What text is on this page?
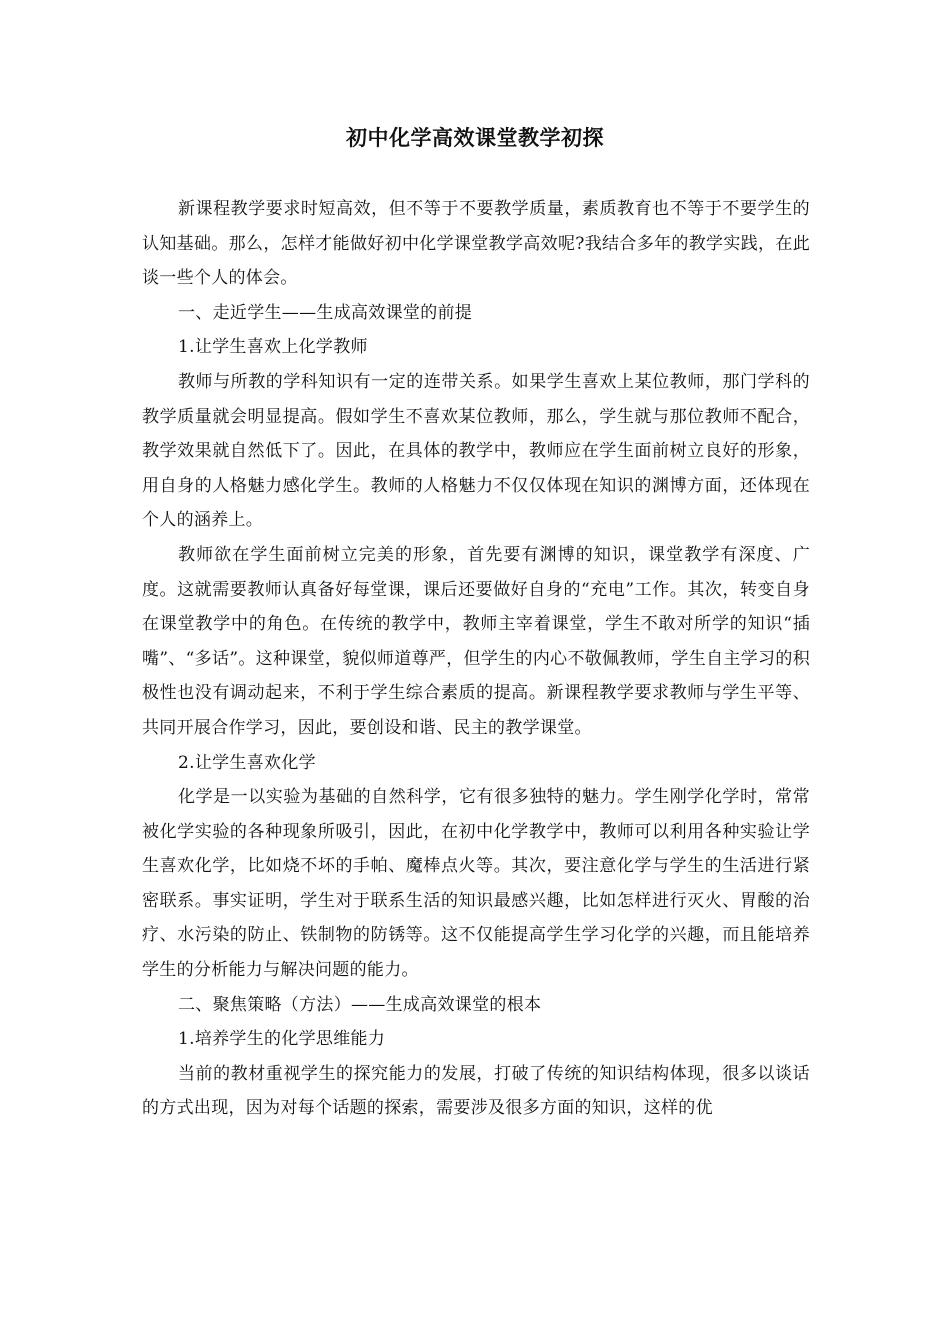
初中化学高效课堂教学初探

新课程教学要求时短高效，但不等于不要教学质量，素质教育也不等于不要学生的认知基础。那么，怎样才能做好初中化学课堂教学高效呢?我结合多年的教学实践，在此谈一些个人的体会。

一、走近学生——生成高效课堂的前提

1.让学生喜欢上化学教师

教师与所教的学科知识有一定的连带关系。如果学生喜欢上某位教师，那门学科的教学质量就会明显提高。假如学生不喜欢某位教师，那么，学生就与那位教师不配合，教学效果就自然低下了。因此，在具体的教学中，教师应在学生面前树立良好的形象，用自身的人格魅力感化学生。教师的人格魅力不仅仅体现在知识的渊博方面，还体现在个人的涵养上。

教师欲在学生面前树立完美的形象，首先要有渊博的知识，课堂教学有深度、广度。这就需要教师认真备好每堂课，课后还要做好自身的“充电”工作。其次，转变自身在课堂教学中的角色。在传统的教学中，教师主宰着课堂，学生不敢对所学的知识“插嘴”、“多话”。这种课堂，貌似师道尊严，但学生的内心不敬佩教师，学生自主学习的积极性也没有调动起来，不利于学生综合素质的提高。新课程教学要求教师与学生平等、共同开展合作学习，因此，要创设和谐、民主的教学课堂。

2.让学生喜欢化学

化学是一以实验为基础的自然科学，它有很多独特的魅力。学生刚学化学时，常常被化学实验的各种现象所吸引，因此，在初中化学教学中，教师可以利用各种实验让学生喜欢化学，比如烧不坏的手帕、魔棒点火等。其次，要注意化学与学生的生活进行紧密联系。事实证明，学生对于联系生活的知识最感兴趣，比如怎样进行灭火、胃酸的治疗、水污染的防止、铁制物的防锈等。这不仅能提高学生学习化学的兴趣，而且能培养学生的分析能力与解决问题的能力。

二、聚焦策略（方法）——生成高效课堂的根本

1.培养学生的化学思维能力

当前的教材重视学生的探究能力的发展，打破了传统的知识结构体现，很多以谈话的方式出现，因为对每个话题的探索，需要涉及很多方面的知识，这样的优
